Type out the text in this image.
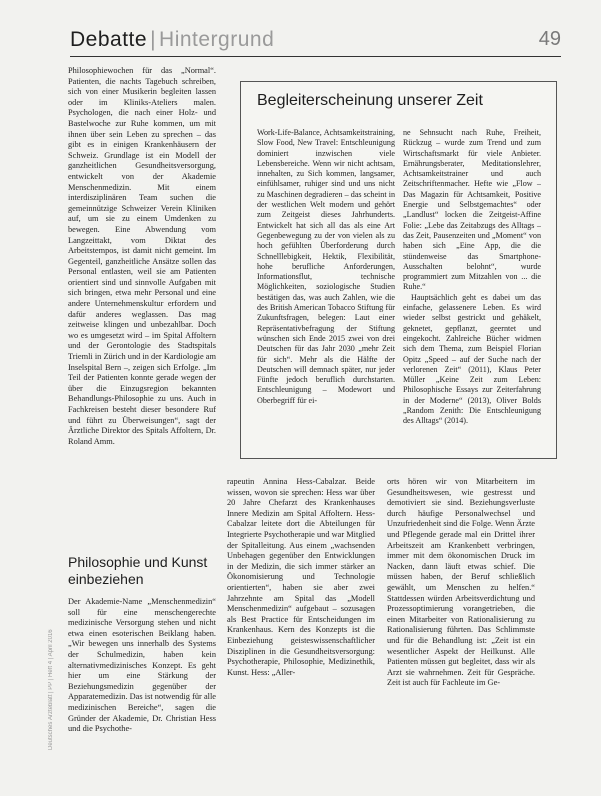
Debatte | Hintergrund	49

Philosophiewochen für das „Normal“. Patienten, die nachts Tagebuch schreiben, sich von einer Musikerin begleiten lassen oder im Kliniks-Ateliers malen. Psychologen, die nach einer Holz- und Bastelwoche zur Ruhe kommen, um mit ihnen über sein Leben zu sprechen – das gibt es in einigen Krankenhäusern der Schweiz. Grundlage ist ein Modell der ganzheitlichen Gesundheitsversorgung, entwickelt von der Akademie Menschenmedizin. Mit einem interdisziplinären Team suchen die gemeinnützige Schweizer Verein Kliniken auf, um sie zu einem Umdenken zu bewegen. Eine Abwendung vom Langzeittakt, vom Diktat des Arbeitstempos, ist damit nicht gemeint. Im Gegenteil, ganzheitliche Ansätze sollen das Personal entlasten, weil sie am Patienten orientiert sind und sinnvolle Aufgaben mit sich bringen, etwa mehr Personal und eine andere Unternehmenskultur erfordern und dafür anderes weglassen. Das mag zeitweise klingen und unbezahlbar. Doch wo es umgesetzt wird – im Spital Affoltern und der Gerontologie des Stadtspitals Triemli in Zürich und in der Kardiologie am Inselspital Bern –, zeigen sich Erfolge. „Im Teil der Patienten konnte gerade wegen der über die Einzugsregion bekannten Behandlungs-Philosophie zu uns. Auch in Fachkreisen besteht dieser besondere Ruf und führt zu Überweisungen“, sagt der Ärztliche Direktor des Spitals Affoltern, Dr. Roland Amm.

Begleiterscheinung unserer Zeit

Work-Life-Balance, Achtsamkeitstraining, Slow Food, New Travel: Entschleunigung dominiert inzwischen viele Lebensbereiche. Wenn wir nicht achtsam, innehalten, zu Sich kommen, langsamer, einfühlsamer, ruhiger sind und uns nicht zu Maschinen degradieren – das scheint in der westlichen Welt modern und gehört zum Zeitgeist dieses Jahrhunderts. Entwickelt hat sich all das als eine Art Gegenbewegung zu der von vielen als zu hoch gefühlten Überforderung durch Schnelllebigkeit, Hektik, Flexibilität, hohe berufliche Anforderungen, Informationsflut, technische Möglichkeiten, soziologische Studien bestätigen das, was auch Zahlen, wie die des British American Tobacco Stiftung für Zukunftsfragen, belegen: Laut einer Repräsentativbefragung der Stiftung wünschen sich Ende 2015 zwei von drei Deutschen für das Jahr 2030 „mehr Zeit für sich“. Mehr als die Hälfte der Deutschen will demnach später, nur jeder Fünfte jedoch beruflich durchstarten. Entschleunigung – Modewort und Oberbegriff für ei-

ne Sehnsucht nach Ruhe, Freiheit, Rückzug – wurde zum Trend und zum Wirtschaftsmarkt für viele Anbieter. Ernährungsberater, Meditationslehrer, Achtsamkeitstrainer und auch Zeitschriftenmacher. Hefte wie „Flow – Das Magazin für Achtsamkeit, Positive Energie und Selbstgemachtes“ oder „Landlust“ locken die Zeitgeist-Affine Folie: „Lebe das Zeitabzugs des Alltags – das Zeit, Pausenzeiten und „Moment“ von haben sich „Eine App, die die stündenweise das Smartphone-Ausschalten belohnt“, wurde programmiert zum Mitzahlen von ... die Ruhe.“

Hauptsächlich geht es dabei um das einfache, gelassenere Leben. Es wird wieder selbst gestrickt und gehäkelt, geknetet, gepflanzt, geerntet und eingekocht. Zahlreiche Bücher widmen sich dem Thema, zum Beispiel Florian Opitz „Speed – auf der Suche nach der verlorenen Zeit“ (2011), Klaus Peter Müller „Keine Zeit zum Leben: Philosophische Essays zur Zeiterfahrung in der Moderne“ (2013), Oliver Bolds „Random Zenith: Die Entschleunigung des Alltags“ (2014).

Philosophie und Kunst einbeziehen

Der Akademie-Name „Menschenmedizin“ soll für eine menschengerechte medizinische Versorgung stehen und nicht etwa einen esoterischen Beiklang haben. „Wir bewegen uns innerhalb des Systems der Schulmedizin, haben kein alternativmedizinisches Konzept. Es geht hier um eine Stärkung der Beziehungsmedizin gegenüber der Apparatemedizin. Das ist notwendig für alle medizinischen Bereiche“, sagen die Gründer der Akademie, Dr. Christian Hess und die Psychothe-

rapeutin Annina Hess-Cabalzar. Beide wissen, wovon sie sprechen: Hess war über 20 Jahre Chefarzt des Krankenhauses Innere Medizin am Spital Affoltern. Hess-Cabalzar leitete dort die Abteilungen für Integrierte Psychotherapie und war Mitglied der Spitalleitung. Aus einem „wachsenden Unbehagen gegenüber den Entwicklungen in der Medizin, die sich immer stärker an Ökonomisierung und Technologie orientierten“, haben sie aber zwei Jahrzehnte am Spital das „Modell Menschenmedizin“ aufgebaut – sozusagen als Best Practice für Entscheidungen im Krankenhaus. Kern des Konzepts ist die Einbeziehung geisteswissenschaftlicher Disziplinen in die Gesundheitsversorgung: Psychotherapie, Philosophie, Medizinethik, Kunst. Hess: „Aller-

orts hören wir von Mitarbeitern im Gesundheitswesen, wie gestresst und demotiviert sie sind. Beziehungsverluste durch häufige Personalwechsel und Unzufriedenheit sind die Folge. Wenn Ärzte und Pflegende gerade mal ein Drittel ihrer Arbeitszeit am Krankenbett verbringen, immer mit dem ökonomischen Druck im Nacken, dann läuft etwas schief. Die müssen haben, der Beruf schließlich gewählt, um Menschen zu helfen.“ Stattdessen würden Arbeitsverdichtung und Prozessoptimierung vorangetrieben, die einen Mitarbeiter von Rationalisierung zu Rationalisierung führten. Das Schlimmste und für die Behandlung ist: „Zeit ist ein wesentlicher Aspekt der Heilkunst. Alle Patienten müssen gut begleitet, dass wir als Arzt sie wahrnehmen. Zeit für Gespräche. Zeit ist auch für Fachleute im Ge-

Deutsches Ärzteblatt | PP | Heft 4 | April 2016
